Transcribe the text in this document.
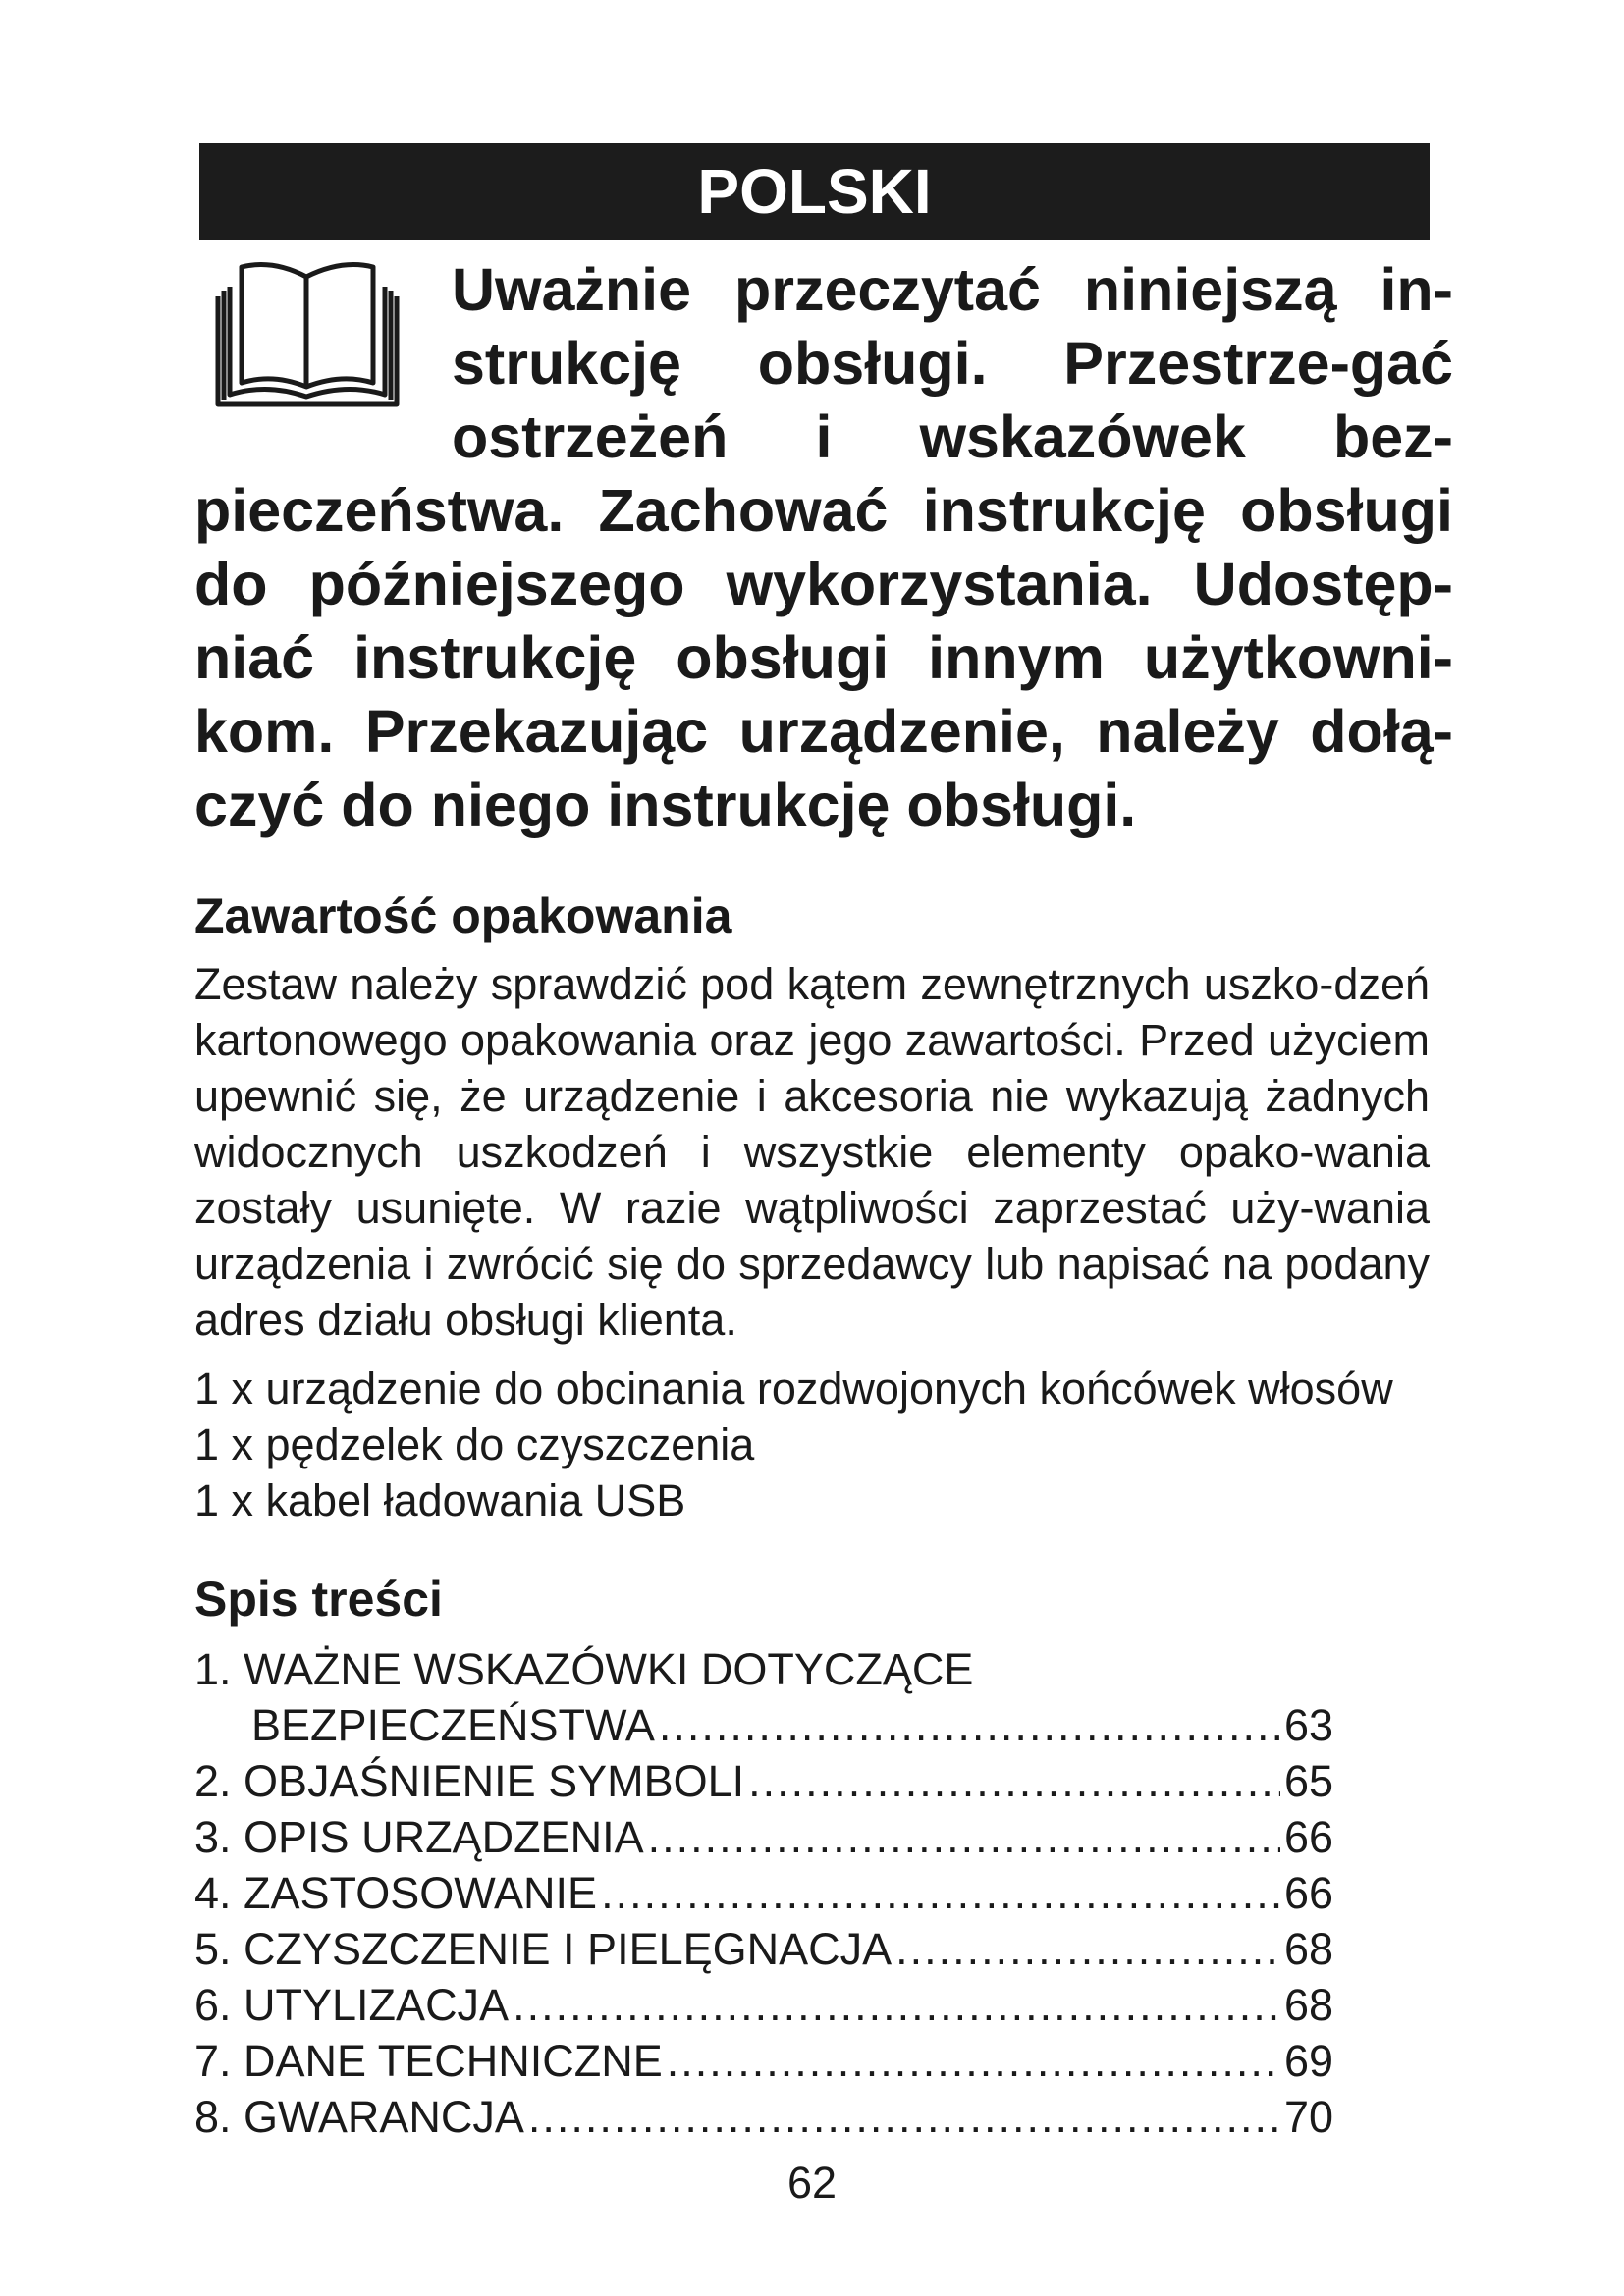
POLSKI
Uważnie przeczytać niniejszą in-strukcję obsługi. Przestrze-gać ostrzeżeń i wskazówek bez-pieczeństwa. Zachować instrukcję obsługi do późniejszego wykorzystania. Udostęp-niać instrukcję obsługi innym użytkowni-kom. Przekazując urządzenie, należy dołą-czyć do niego instrukcję obsługi.
Zawartość opakowania
Zestaw należy sprawdzić pod kątem zewnętrznych uszko-dzeń kartonowego opakowania oraz jego zawartości. Przed użyciem upewnić się, że urządzenie i akcesoria nie wykazują żadnych widocznych uszkodzeń i wszystkie elementy opako-wania zostały usunięte. W razie wątpliwości zaprzestać uży-wania urządzenia i zwrócić się do sprzedawcy lub napisać na podany adres działu obsługi klienta.
1 x urządzenie do obcinania rozdwojonych końcówek włosów
1 x pędzelek do czyszczenia
1 x kabel ładowania USB
Spis treści
1. WAŻNE WSKAZÓWKI DOTYCZĄCE
BEZPIECZEŃSTWA .....	63
2. OBJAŚNIENIE SYMBOLI .....	65
3. OPIS URZĄDZENIA .....	66
4. ZASTOSOWANIE .....	66
5. CZYSZCZENIE I PIELĘGNACJA .....	68
6. UTYLIZACJA .....	68
7. DANE TECHNICZNE .....	69
8. GWARANCJA .....	70
62
